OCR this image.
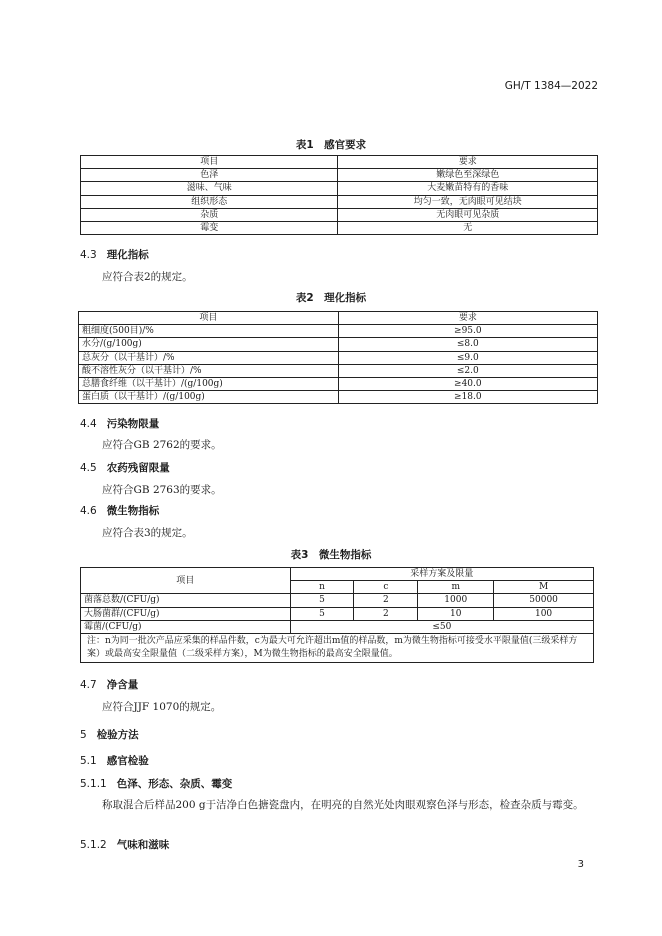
GH/T 1384—2022
表1　感官要求
项目	要求
色泽	嫩绿色至深绿色
滋味、气味	大麦嫩苗特有的香味
组织形态	均匀一致，无肉眼可见结块
杂质	无肉眼可见杂质
霉变	无
4.3 理化指标
应符合表2的规定。
表2　理化指标
项目	要求
粗细度(500目)/%	≥95.0
水分/(g/100g)	≤8.0
总灰分（以干基计）/%	≤9.0
酸不溶性灰分（以干基计）/%	≤2.0
总膳食纤维（以干基计）/(g/100g)	≥40.0
蛋白质（以干基计）/(g/100g)	≥18.0
4.4 污染物限量
应符合GB 2762的要求。
4.5 农药残留限量
应符合GB 2763的要求。
4.6 微生物指标
应符合表3的规定。
表3　微生物指标
项目	采样方案及限量			
	n	c	m	M
菌落总数/(CFU/g)	5	2	1000	50000
大肠菌群/(CFU/g)	5	2	10	100
霉菌/(CFU/g)	≤50			
注：n为同一批次产品应采集的样品件数，c为最大可允许超出m值的样品数，m为微生物指标可接受水平限量值(三级采样方案）或最高安全限量值（二级采样方案），M为微生物指标的最高安全限量值。				
4.7 净含量
应符合JJF 1070的规定。
5 检验方法
5.1 感官检验
5.1.1 色泽、形态、杂质、霉变
称取混合后样品200 g于洁净白色搪瓷盘内，在明亮的自然光处肉眼观察色泽与形态，检查杂质与霉变。
5.1.2 气味和滋味
3
